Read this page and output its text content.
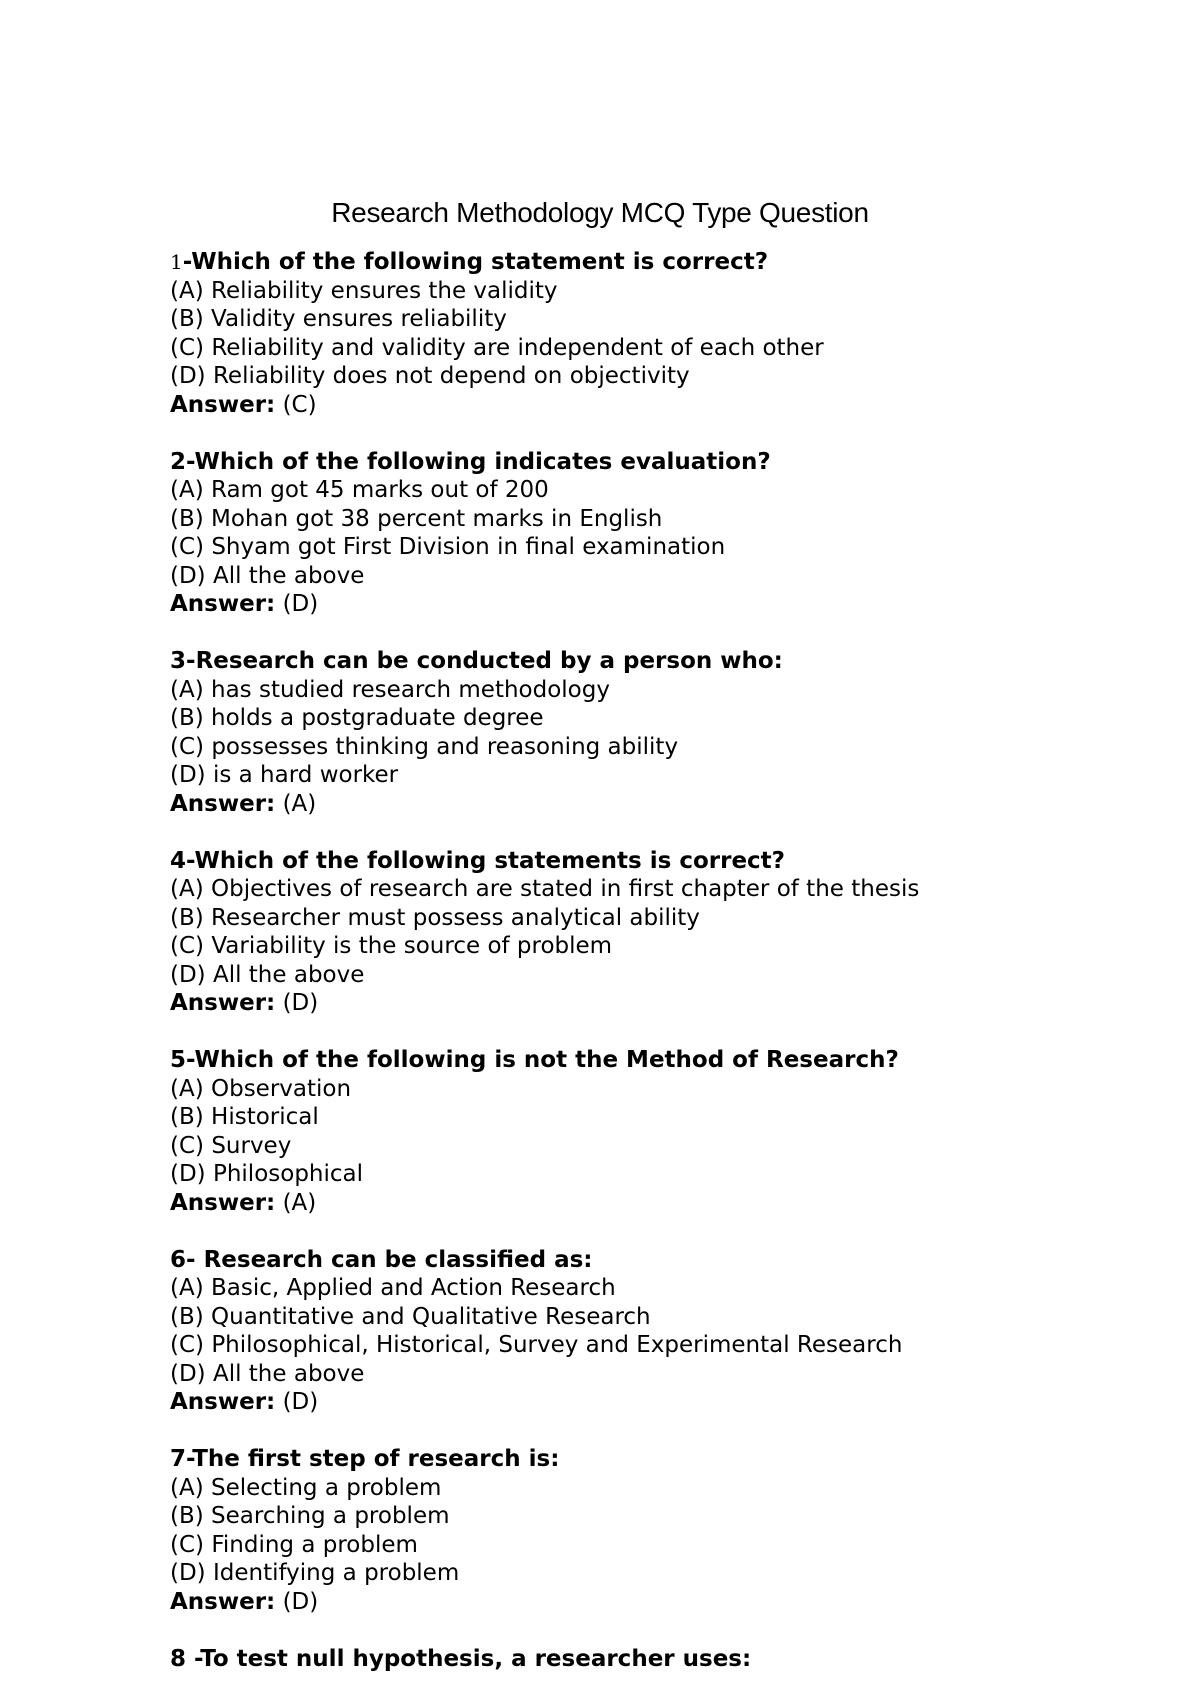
Research Methodology MCQ Type Question
1-Which of the following statement is correct?
(A) Reliability ensures the validity
(B) Validity ensures reliability
(C) Reliability and validity are independent of each other
(D) Reliability does not depend on objectivity
Answer: (C)
2-Which of the following indicates evaluation?
(A) Ram got 45 marks out of 200
(B) Mohan got 38 percent marks in English
(C) Shyam got First Division in final examination
(D) All the above
Answer: (D)
3-Research can be conducted by a person who:
(A) has studied research methodology
(B) holds a postgraduate degree
(C) possesses thinking and reasoning ability
(D) is a hard worker
Answer: (A)
4-Which of the following statements is correct?
(A) Objectives of research are stated in first chapter of the thesis
(B) Researcher must possess analytical ability
(C) Variability is the source of problem
(D) All the above
Answer: (D)
5-Which of the following is not the Method of Research?
(A) Observation
(B) Historical
(C) Survey
(D) Philosophical
Answer: (A)
6- Research can be classified as:
(A) Basic, Applied and Action Research
(B) Quantitative and Qualitative Research
(C) Philosophical, Historical, Survey and Experimental Research
(D) All the above
Answer: (D)
7-The first step of research is:
(A) Selecting a problem
(B) Searching a problem
(C) Finding a problem
(D) Identifying a problem
Answer: (D)
8 -To test null hypothesis, a researcher uses:
